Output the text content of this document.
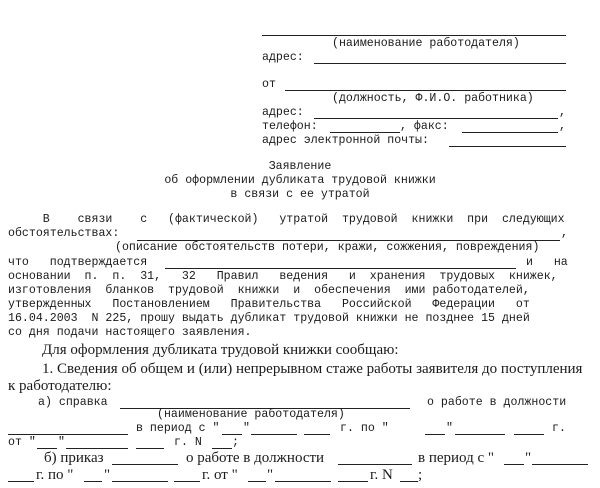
(наименование работодателя)
адрес:
от
(должность, Ф.И.О. работника)
адрес:	,
телефон:	, факс:	,
адрес электронной почты:
Заявление
об оформлении дубликата трудовой книжки
в связи с ее утратой
В    связи    с   (фактической)   утратой  трудовой  книжки  при  следующих
обстоятельствах:	,
(описание обстоятельств потери, кражи, сожжения, повреждения)
что   подтверждается	и   на
основании  п.  п.  31,   32   Правил   ведения   и  хранения  трудовых  книжек,
изготовления  бланков  трудовой  книжки  и  обеспечения  ими работодателей,
утвержденных   Постановлением   Правительства   Российской   Федерации   от
16.04.2003  N 225, прошу выдать дубликат трудовой книжки не позднее 15 дней
со дня подачи настоящего заявления.
Для оформления дубликата трудовой книжки сообщаю:
1. Сведения об общем и (или) непрерывном стаже работы заявителя до поступления
к работодателю:
а) справка	о работе в должности
(наименование работодателя)
в период с " "	г. по "	"	г.
от " "	г. N	;
б) приказ	о работе в должности	в период с " "
г. по " "	г. от " "	г. N ;
